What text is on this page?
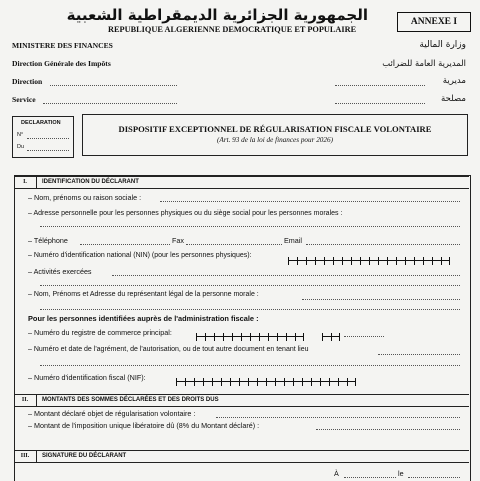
الجمهورية الجزائرية الديمقراطية الشعبية
REPUBLIQUE ALGERIENNE DEMOCRATIQUE ET POPULAIRE
ANNEXE I
MINISTERE DES FINANCES	وزارة المالية
Direction Générale des Impôts	المديرية العامة للضرائب
Direction	مديرية
Service	مصلحة
DECLARATION
N°
Du
DISPOSITIF EXCEPTIONNEL DE RÉGULARISATION FISCALE VOLONTAIRE
(Art. 93 de la loi de finances pour 2026)
I.	IDENTIFICATION DU DÉCLARANT
– Nom, prénoms ou raison sociale :
– Adresse personnelle pour les personnes physiques ou du siège social pour les personnes morales :
– Téléphone	Fax	Email
– Numéro d'identification national (NIN) (pour les personnes physiques):
– Activités exercées
– Nom, Prénoms et Adresse du représentant légal de la personne morale :
Pour les personnes identifiées auprès de l'administration fiscale :
– Numéro du registre de commerce principal:
– Numéro et date de l'agrément, de l'autorisation, ou de tout autre document en tenant lieu
– Numéro d'identification fiscal (NIF):
II.	MONTANTS DES SOMMES DÉCLARÉES ET DES DROITS DUS
– Montant déclaré objet de régularisation volontaire :
– Montant de l'imposition unique libératoire dû (8% du Montant déclaré) :
III.	SIGNATURE DU DÉCLARANT
À	le
